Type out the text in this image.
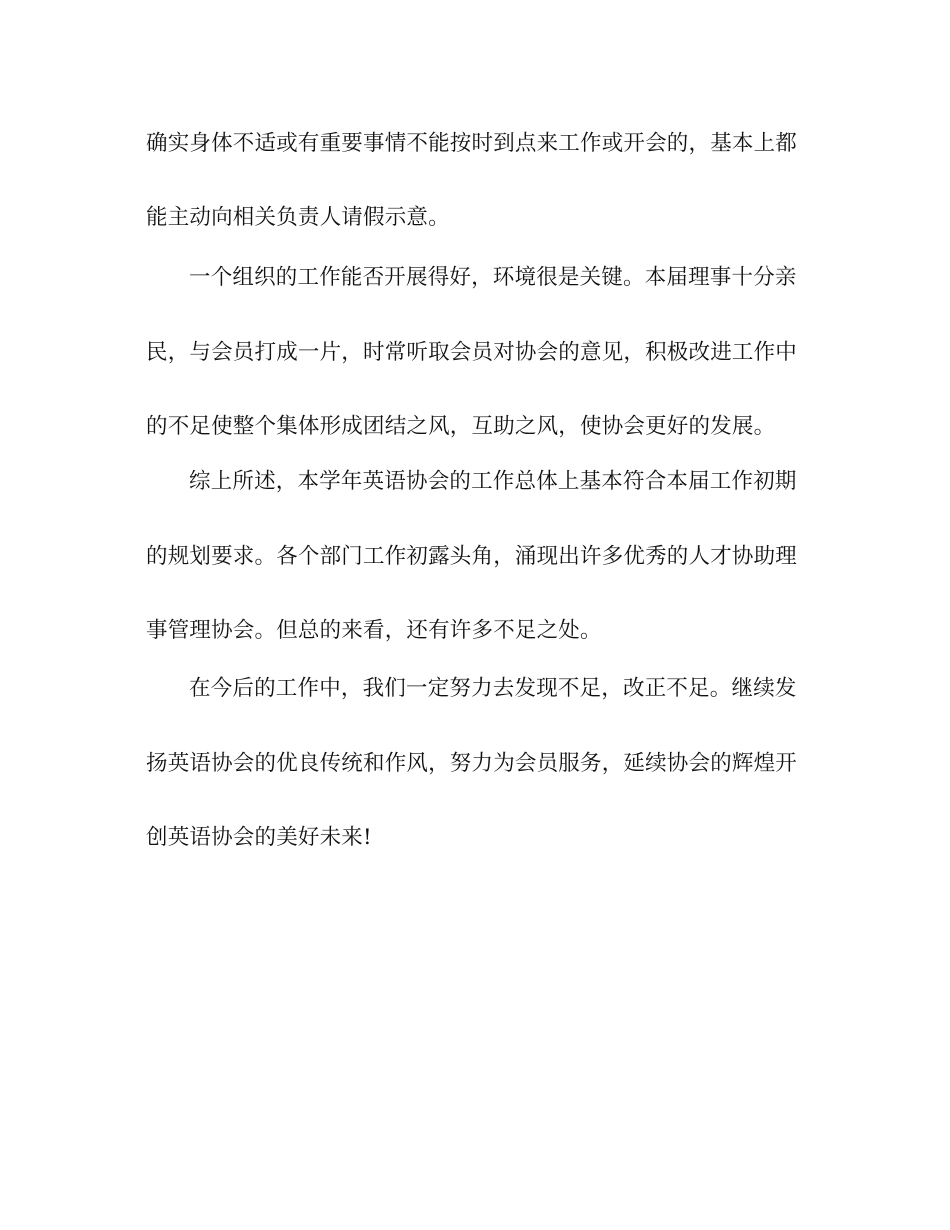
确实身体不适或有重要事情不能按时到点来工作或开会的，基本上都
能主动向相关负责人请假示意。
一个组织的工作能否开展得好，环境很是关键。本届理事十分亲
民，与会员打成一片，时常听取会员对协会的意见，积极改进工作中
的不足使整个集体形成团结之风，互助之风，使协会更好的发展。
综上所述，本学年英语协会的工作总体上基本符合本届工作初期
的规划要求。各个部门工作初露头角，涌现出许多优秀的人才协助理
事管理协会。但总的来看，还有许多不足之处。
在今后的工作中，我们一定努力去发现不足，改正不足。继续发
扬英语协会的优良传统和作风，努力为会员服务，延续协会的辉煌开
创英语协会的美好未来!
